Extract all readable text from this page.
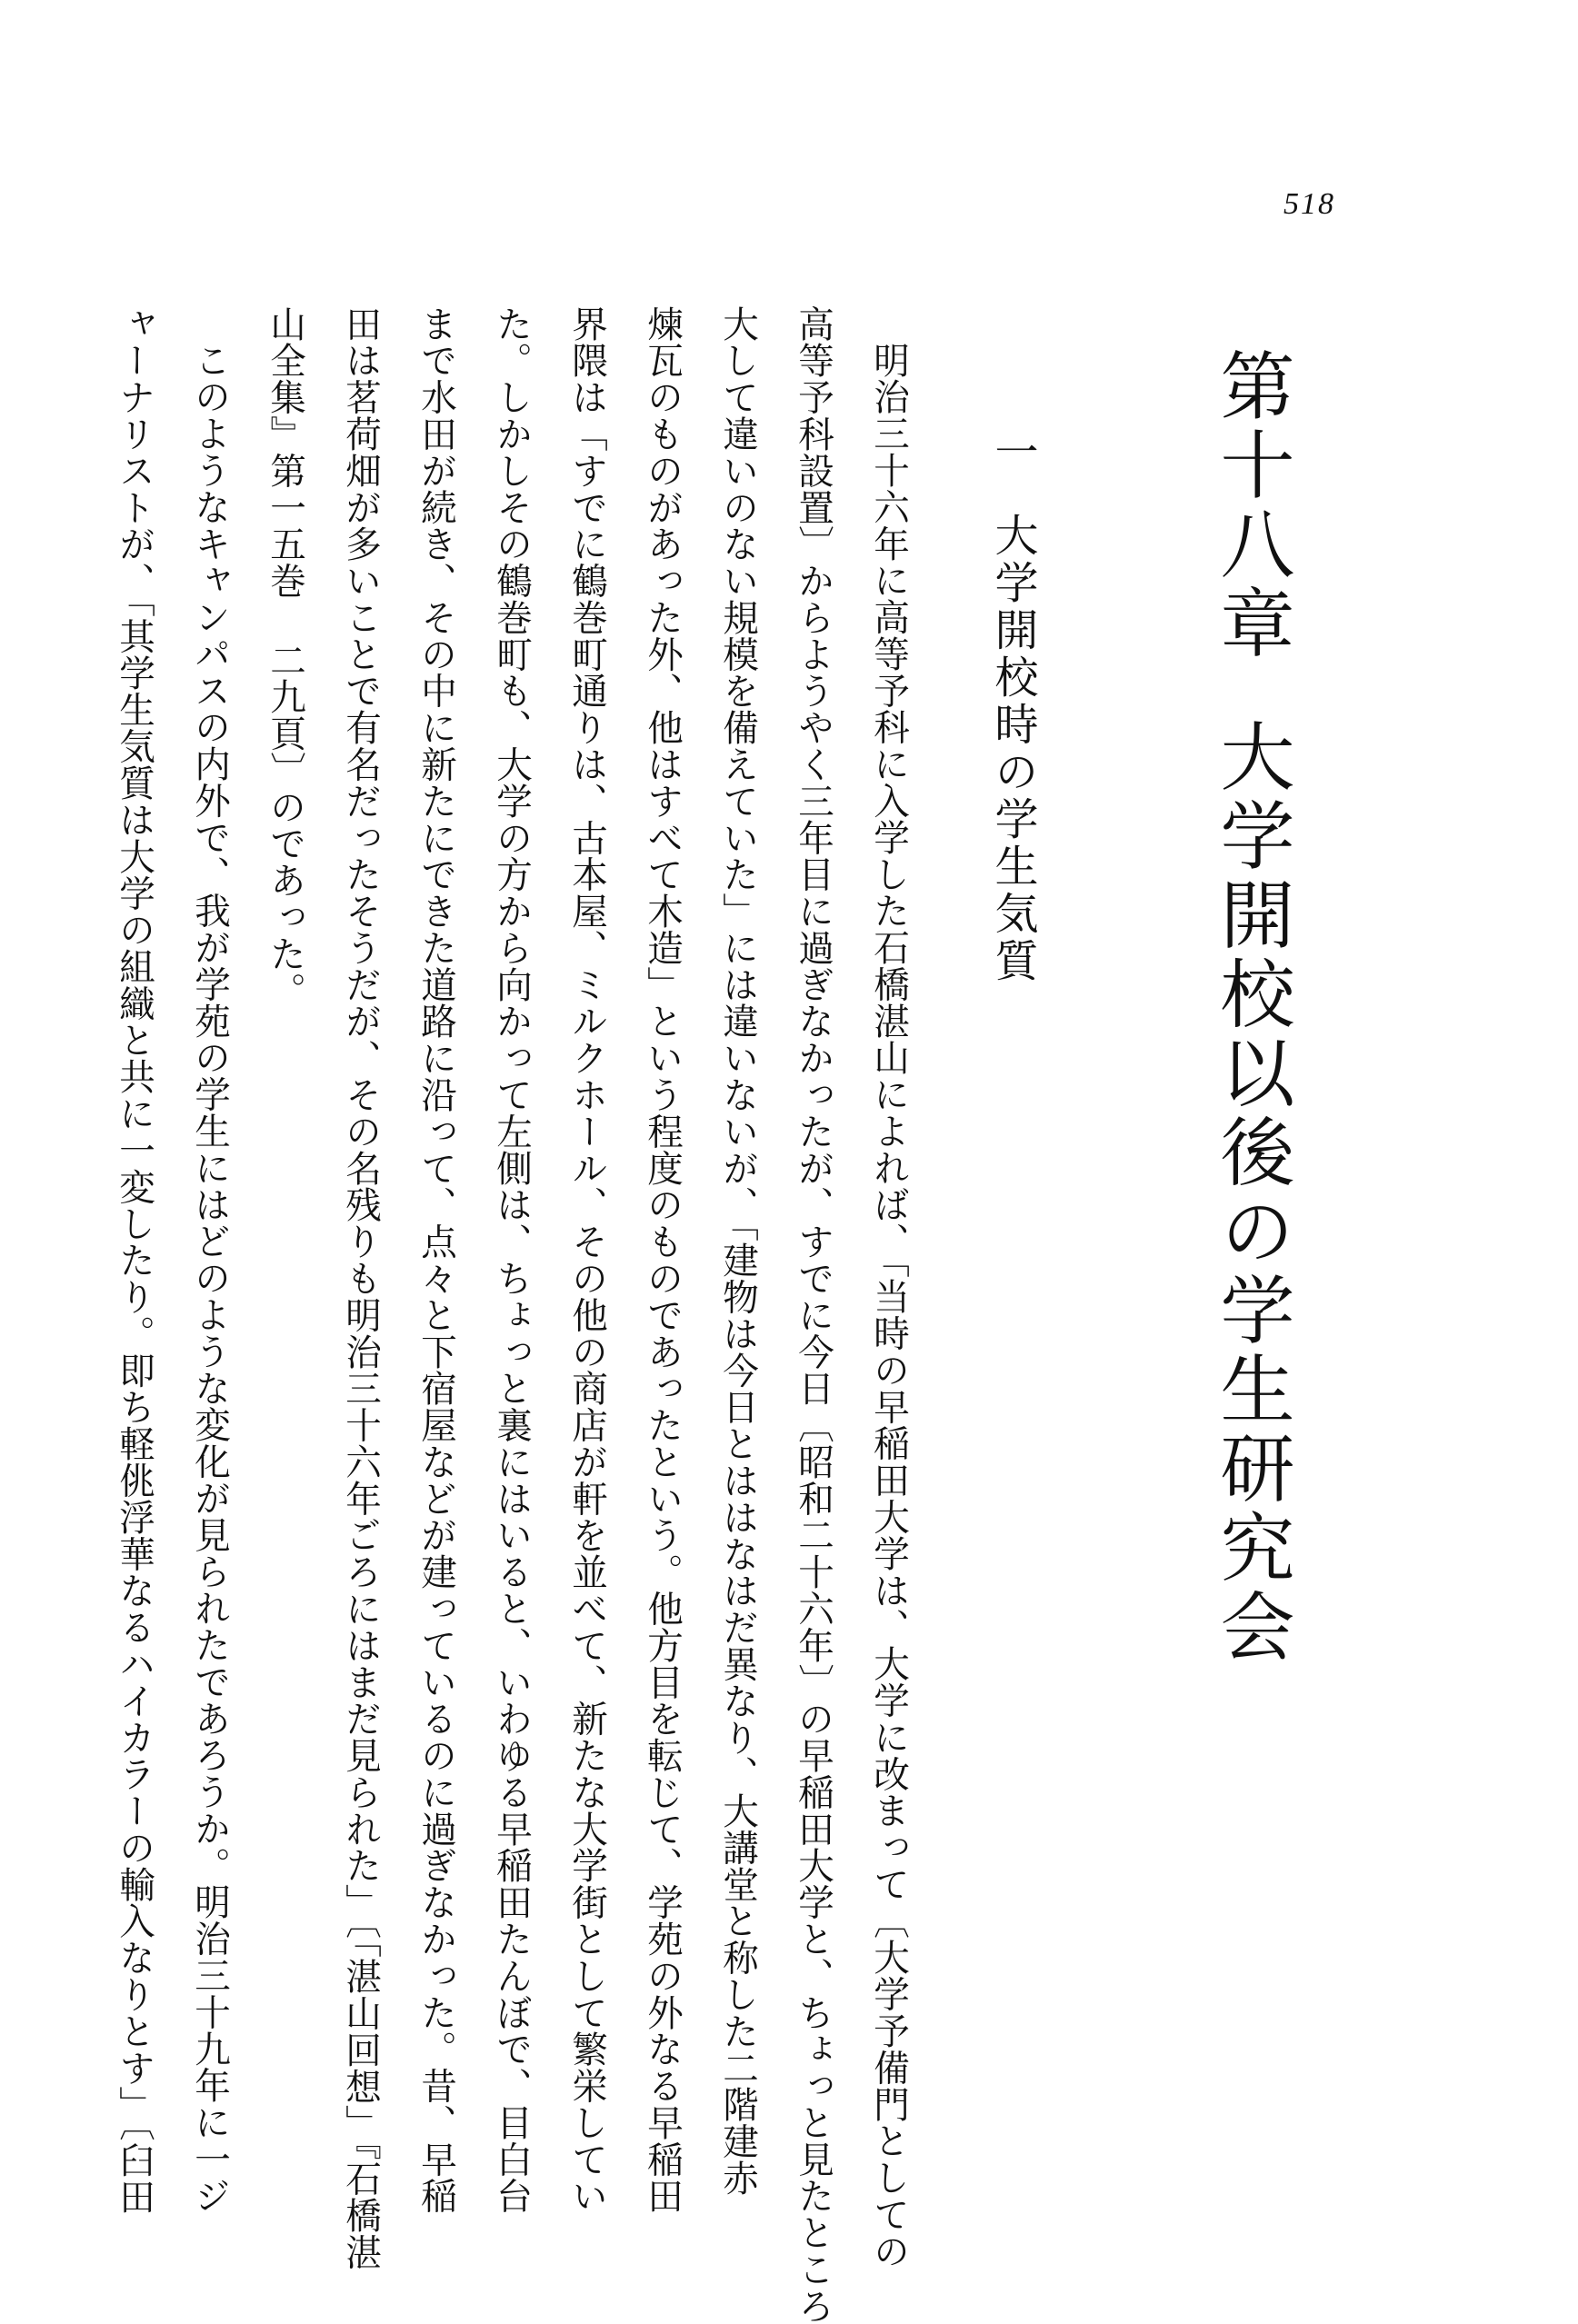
518
第十八章大学開校以後の学生研究会
一大学開校時の学生気質
明治三十六年に高等予科に入学した石橋湛山によれば、「当時の早稲田大学は、大学に改まって〔大学予備門としての
高等予科設置〕からようやく三年目に過ぎなかったが、すでに今日〔昭和二十六年〕の早稲田大学と、ちょっと見たところ
大して違いのない規模を備えていた」には違いないが、「建物は今日とははなはだ異なり、大講堂と称した二階建赤
煉瓦のものがあった外、他はすべて木造」という程度のものであったという。他方目を転じて、学苑の外なる早稲田
界隈は「すでに鶴巻町通りは、古本屋、ミルクホール、その他の商店が軒を並べて、新たな大学街として繁栄してい
た。しかしその鶴巻町も、大学の方から向かって左側は、ちょっと裏にはいると、いわゆる早稲田たんぼで、目白台
まで水田が続き、その中に新たにできた道路に沿って、点々と下宿屋などが建っているのに過ぎなかった。昔、早稲
田は茗荷畑が多いことで有名だったそうだが、その名残りも明治三十六年ごろにはまだ見られた」〔「湛山回想」『石橋湛
山全集』第一五巻 二九頁〕のであった。
このようなキャンパスの内外で、我が学苑の学生にはどのような変化が見られたであろうか。明治三十九年に一ジ
ャーナリストが、「其学生気質は大学の組織と共に一変したり。即ち軽佻浮華なるハイカラーの輸入なりとす」〔臼田
